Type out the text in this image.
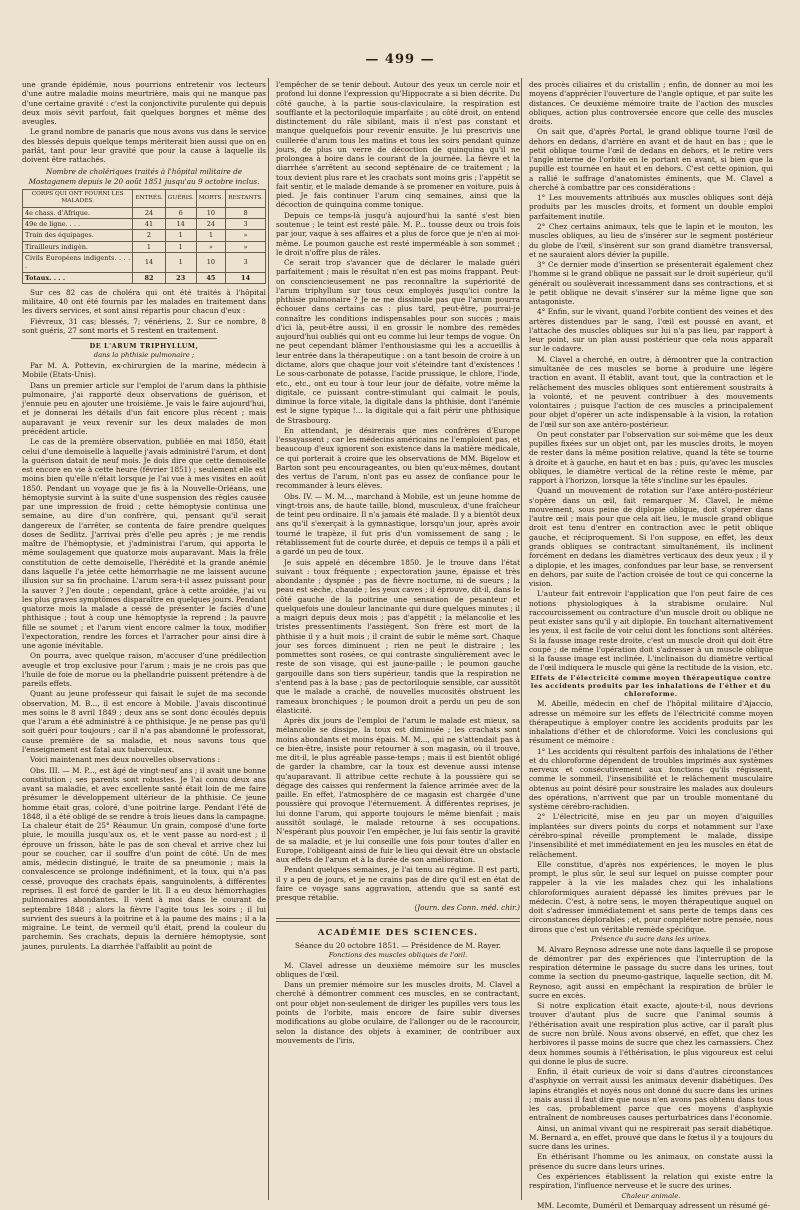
— 499 —

une grande épidémie, nous pourrions entretenir vos lecteurs d'une autre maladie moins meurtrière, mais qui ne manque pas d'une certaine gravité : c'est la conjonctivite purulente qui depuis deux mois sévit parfout, fait quelques borgnes et même des aveugles.

Le grand nombre de panaris que nous avons vus dans le service des blessés depuis quelque temps mériterait bien aussi que on en parlât, tant pour leur gravité que pour la cause à laquelle ils doivent être rattachés.

Nombre de cholériques traités à l'hôpital militaire de Mostaganem depuis le 20 août 1851 jusqu'au 9 octobre inclus.

CORPS QUI ONT FOURNI LES MALADES.	ENTRÉS.	GUÉRIS.	MORTS.	RESTANTS.
4e chass. d'Afrique.	24	6	10	8
49e de ligne. . . .	41	14	24	3
Train des équipages.	2	1	1	»
Tirailleurs indigèn.	1	1	»	»
Civils Européens indigents. . . . .	14	1	10	3
Totaux. . . .	82	23	45	14

Sur ces 82 cas de choléra qui ont été traités à l'hôpital militaire, 40 ont été fournis par les malades en traitement dans les divers services, et sont ainsi répartis pour chacun d'eux :

Fiévreux, 31 cas; blessés, 7; vénériens, 2. Sur ce nombre, 8 sont guéris, 27 sont morts et 5 restent en traitement.

DE L'ARUM TRIPHYLLUM,

dans la phthisie pulmonaire ;

Par M. A. Pottevin, ex-chirurgien de la marine, médecin à Mobile (Etats-Unis).

Dans un premier article sur l'emploi de l'arum dans la phthisie pulmonaire, j'ai rapporté deux observations de guérison, et j'ennuie peu en ajouter une troisième. Je vais le faire aujourd'hui, et je donnerai les détails d'un fait encore plus récent ; mais auparavant je veux revenir sur les deux malades de mon précédent article.

Le cas de la première observation, publiée en mai 1850, était celui d'une demoiselle à laquelle j'avais administré l'arum, et dont la guérison datait de neuf mois. Je dois dire que cette demoiselle est encore en vie à cette heure (février 1851) ; seulement elle est moins bien qu'elle n'était lorsque je l'ai vue à mes visites en août 1850. Pendant un voyage que je fis à la Nouvelle-Orléans, une hémoptysie survint à la suite d'une suspension des règles causée par une impression de froid ; cette hémoptysie continua une semaine, au dire d'un confrère, qui, pensant qu'il serait dangereux de l'arrêter, se contenta de faire prendre quelques doses de Sedlitz. J'arrivai près d'elle peu après ; je me rendis maître de l'hémoptysie, et j'administrai l'arum, qui apporta le même soulagement que quatorze mois auparavant. Mais la frêle constitution de cette demoiselle, l'hérédité et la grande anémie dans laquelle l'a jetée cette hémorrhagie ne me laissent aucune illusion sur sa fin prochaine. L'arum sera-t-il assez puissant pour la sauver ? J'en doute ; cependant, grâce à cette aroïdée, j'ai vu les plus graves symptômes disparaître en quelques jours. Pendant quatorze mois la malade a cessé de présenter le faciès d'une phthisique ; tout à coup une hémoptysie la reprend ; la pauvre fille se soumet ; et l'arum vient encore calmer la toux, modifier l'expectoration, rendre les forces et l'arracher pour ainsi dire à une agonie inévitable.

On pourra, avec quelque raison, m'accuser d'une prédilection aveugle et trop exclusive pour l'arum ; mais je ne crois pas que l'huile de foie de morue ou la phellandrie puissent prétendre à de pareils effets.

Quant au jeune professeur qui faisait le sujet de ma seconde observation, M. B..., il est encore à Mobile. J'avais discontinué mes soins le 8 avril 1849 ; deux ans se sont donc écoulés depuis que l'arum a été administré à ce phthisique. Je ne pense pas qu'il soit guéri pour toujours ; car il n'a pas abandonné le professorat, cause première de sa maladie, et nous savons tous que l'enseignement est fatal aux tuberculeux.

Voici maintenant mes deux nouvelles observations :

Obs. III. — M. P..., est âgé de vingt-neuf ans ; il avait une bonne constitution ; ses parents sont robustes. Je l'ai connu deux ans avant sa maladie, et avec excellente santé était loin de me faire présumer le développement ultérieur de la phthisie. Ce jeune homme était gras, coloré, d'une poitrine large. Pendant l'été de 1848, il a été obligé de se rendre à trois lieues dans la campagne. La chaleur était de 25° Réaumur. Un grain, composé d'une forte pluie, le mouilla jusqu'aux os, et le vent passe au nord-est ; il éprouve un frisson, hâte le pas de son cheval et arrive chez lui pour se coucher, car il souffre d'un point de côté. Un de mes amis, médecin distingué, le traite de sa pneumonie ; mais la convalescence se prolonge indéfiniment, et la toux, qui n'a pas cessé, provoque des crachats épais, sanguinolents, à différentes reprises. Il est forcé de garder le lit. Il a eu deux hémorrhagies pulmonaires abondantes. Il vient à moi dans le courant de septembre 1848 ; alors la fièvre l'agite tous les soirs ; il lui survient des sueurs à la poitrine et à la paume des mains ; il a la migraine. Le teint, de vermeil qu'il était, prend la couleur du parchemin. Ses crachats, depuis la dernière hémoptysie, sont jaunes, purulents. La diarrhée l'affaiblit au point de

l'empêcher de se tenir debout. Autour des yeux un cercle noir et profond lui donne l'expression qu'Hippocrate a si bien décrite. Du côté gauche, à la partie sous-claviculaire, la respiration est soufflante et la pectoriloquie imparfaite ; au côté droit, on entend distinctement du râle sibilant, mais il n'est pas constant et manque quelquefois pour revenir ensuite. Je lui prescrivis une cuillerée d'arum tous les matins et tous les soirs pendant quinze jours, de plus un verre de décoction de quinquina qu'il ne prolongea à boire dans le courant de la journée. La fièvre et la diarrhée s'arrêtent au second septénaire de ce traitement ; la toux devient plus rare et les crachats sont moins gris ; l'appétit se fait sentir, et le malade demande à se promener en voiture, puis à pied. Je fais continuer l'arum cinq semaines, ainsi que la décoction de quinquina comme tonique.

Depuis ce temps-là jusqu'à aujourd'hui la santé s'est bien soutenue ; le teint est resté pâle. M. P... tousse deux ou trois fois par jour, vaque à ses affaires et a plus de force que je n'en ai moi-même. Le poumon gauche est resté imperméable à son sommet ; le droit n'offre plus de râles.

Ce serait trop s'avancer que de déclarer le malade guéri parfaitement ; mais le résultat n'en est pas moins frappant. Peut-on consciencieusement ne pas reconnaître la supériorité de l'arum triphyllum sur tous ceux employés jusqu'ici contre la phthisie pulmonaire ? Je ne me dissimule pas que l'arum pourra échouer dans certains cas : plus tard, peut-être, pourrai-je connaître les conditions indispensables pour son succès ; mais d'ici là, peut-être aussi, il en grossir le nombre des remèdes aujourd'hui oubliés qui ont eu comme lui leur temps de vogue. On ne peut cependant blâmer l'enthousiasme qui les a accueillis à leur entrée dans la thérapeutique : on a tant besoin de croire à un dictame, alors que chaque jour voit s'éteindre tant d'existences ! Le sous-carbonate de potasse, l'acide prussique, le chlore, l'iode, etc., etc., ont eu tour à tour leur jour de défaite, votre même la digitale, ce puissant contre-stimulant qui calmait le pouls, diminue la force vitale, la digitale dans la phthisie, dont l'anémie est le signe typique !... la digitale qui a fait périr une phthisique de Strasbourg.

En attendant, je désirerais que mes confrères d'Europe l'essayassent ; car les médecins américains ne l'emploient pas, et beaucoup d'eux ignorent son existence dans la matière médicale, ce qui porterait à croire que les observations de MM. Bigelow et Barton sont peu encourageantes, ou bien qu'eux-mêmes, doutant des vertus de l'arum, n'ont pas eu assez de confiance pour le recommander à leurs élèves.

Obs. IV. — M. M..., marchand à Mobile, est un jeune homme de vingt-trois ans, de haute taille, blond, musculeux, d'une fraîcheur de teint peu ordinaire. Il n'a jamais été malade. Il y a bientôt deux ans qu'il s'exerçait à la gymnastique, lorsqu'un jour, après avoir tourné le trapèze, il fut pris d'un vomissement de sang ; le rétablissement fut de courte durée, et depuis ce temps il a pâli et a gardé un peu de toux.

Je suis appelé en décembre 1850. Je le trouve dans l'état suivant : toux fréquente ; expectoration jaune, épaisse et très abondante ; dyspnée ; pas de fièvre nocturne, ni de sueurs ; la peau est sèche, chaude ; les yeux caves ; il éprouve, dit-il, dans le côté gauche de la poitrine une sensation de pesanteur et quelquefois une douleur lancinante qui dure quelques minutes ; il a maigri depuis deux mois ; pas d'appétit ; la mélancolie et les tristes pressentiments l'assiègent. Son frère est mort de la phthisie il y a huit mois ; il craint de subir le même sort. Chaque jour ses forces diminuent ; rien ne peut le distraire ; les pommettes sont rosées, ce qui contraste singulièrement avec le reste de son visage, qui est jaune-paille ; le poumon gauche gargouille dans son tiers supérieur, tandis que la respiration ne s'entend pas à la base ; pas de pectoriloquie sensible, car aussitôt que le malade a craché, de nouvelles mucosités obstruent les rameaux bronchiques ; le poumon droit a perdu un peu de son élasticité.

Après dix jours de l'emploi de l'arum le malade est mieux, sa mélancolie se dissipe, la toux est diminuée ; les crachats sont moins abondants et moins épais. M. M..., qui ne s'attendait pas à ce bien-être, insiste pour retourner à son magasin, où il trouve, me dit-il, le plus agréable passe-temps ; mais il est bientôt obligé de garder la chambre, car la toux est devenue aussi intense qu'auparavant. Il attribue cette rechute à la poussière qui se dégage des caisses qui renferment la faïence arrimée avec de la paille. En effet, l'atmosphère de ce magasin est chargée d'une poussière qui provoque l'éternuement. À différentes reprises, je lui donne l'arum, qui apporte toujours le même bienfait ; mais aussitôt soulagé, le malade retourne à ses occupations. N'espérant plus pouvoir l'en empêcher, je lui fais sentir la gravité de sa maladie, et je lui conseille une fois pour toutes d'aller en Europe, l'obligeant ainsi de fuir le lieu qui devait être un obstacle aux effets de l'arum et à la durée de son amélioration.

Pendant quelques semaines, je l'ai tenu au régime. Il est parti, il y a peu de jours, et je ne crains pas de dire qu'il est en état de faire ce voyage sans aggravation, attendu que sa santé est presque rétablie.

(Journ. des Conn. méd. chir.)

ACADÉMIE DES SCIENCES.

Séance du 20 octobre 1851. — Présidence de M. Rayer.

Fonctions des muscles obliques de l'œil.

M. Clavel adresse un deuxième mémoire sur les muscles obliques de l'œil.

Dans un premier mémoire sur les muscles droits, M. Clavel a cherché à démontrer comment ces muscles, en se contractant, ont pour objet non-seulement de diriger les pupilles vers tous les points de l'orbite, mais encore de faire subir diverses modifications au globe oculaire, de l'allonger ou de le raccourcir, selon la distance des objets à examiner, de contribuer aux mouvements de l'iris,

des procès ciliaires et du cristallin ; enfin, de donner au moi les moyens d'apprécier l'ouverture de l'angle optique, et par suite les distances. Ce deuxième mémoire traite de l'action des muscles obliques, action plus controversée encore que celle des muscles droits.

On sait que, d'après Portal, le grand oblique tourne l'œil de dehors en dedans, d'arrière en avant et de haut en bas ; que le petit oblique tourne l'œil de dedans en dehors, et le retire vers l'angle interne de l'orbite en le portant en avant, si bien que la pupille est tournée en haut et en dehors. C'est cette opinion, qui a rallié le suffrage d'anatomistes éminents, que M. Clavel a cherché à combattre par ces considérations :

1° Les mouvements attribués aux muscles obliques sont déjà produits par les muscles droits, et forment un double emploi parfaitement inutile.

2° Chez certains animaux, tels que le lapin et le mouton, les muscles obliques, au lieu de s'insérer sur le segment postérieur du globe de l'œil, s'insèrent sur son grand diamètre transversal, et ne sauraient alors dévier la pupille.

3° Ce dernier mode d'insertion se présenterait également chez l'homme si le grand oblique ne passait sur le droit supérieur, qu'il généralt ou soulèverait incessamment dans ses contractions, et si le petit oblique ne devait s'insérer sur la même ligne que son antagoniste.

4° Enfin, sur le vivant, quand l'orbite contient des veines et des artères distendues par le sang, l'œil est poussé en avant, et l'attache des muscles obliques sur lui n'a pas lieu, par rapport à leur point, sur un plan aussi postérieur que cela nous apparaît sur le cadavre.

M. Clavel a cherché, en outre, à démontrer que la contraction simultanée de ces muscles se borne à produire une légère traction en avant. Il établit, avant tout, que la contraction et le relâchement des muscles obliques sont entièrement soustraits à la volonté, et ne peuvent contribuer à des mouvements volontaires ; puisque l'action de ces muscles a principalement pour objet d'opérer un acte indispensable à la vision, la rotation de l'œil sur son axe antéro-postérieur.

On peut constater par l'observation sur soi-même que les deux pupilles fixées sur un objet ont, par les muscles droits, le moyen de rester dans la même position relative, quand la tête se tourne à droite et à gauche, en haut et en bas ; puis, qu'avec les muscles obliques, le diamètre vertical de la rétine reste le même, par rapport à l'horizon, lorsque la tête s'incline sur les épaules.

Quand un mouvement de rotation sur l'axe antéro-postérieur s'opère dans un œil, fait remarquer M. Clavel, le même mouvement, sous peine de diplopie oblique, doit s'opérer dans l'autre œil ; mais pour que cela ait lieu, le muscle grand oblique droit est tenu d'entrer en contraction avec le petit oblique gauche, et réciproquement. Si l'on suppose, en effet, les deux grands obliques se contractant simultanément, ils inclinent forcément en dedans les diamètres verticaux des deux yeux ; il y a diplopie, et les images, confondues par leur base, se renversent en dehors, par suite de l'action croisée de tout ce qui concerne la vision.

L'auteur fait entrevoir l'application que l'on peut faire de ces notions physiologiques à la strabisme oculaire. Nul raccourcissement ou contracture d'un muscle droit ou oblique ne peut exister sans qu'il y ait diplopie. En touchant alternativement les yeux, il est facile de voir celui dont les fonctions sont altérées. Si la fausse image reste droite, c'est un muscle droit qui doit être coupé ; de même l'opération doit s'adresser à un muscle oblique si la fausse image est inclinée. L'inclinaison du diamètre vertical de l'œil indiquera le muscle qui gêne la rectitude de la vision, etc.

Effets de l'électricité comme moyen thérapeutique contre les accidents produits par les inhalations de l'éther et du chloroforme.

M. Abeille, médecin en chef de l'hôpital militaire d'Ajaccio, adresse un mémoire sur les effets de l'électricité comme moyen thérapeutique à employer contre les accidents produits par les inhalations d'éther et de chloroforme. Voici les conclusions qui résument ce mémoire :

1° Les accidents qui résultent parfois des inhalations de l'éther et du chloroforme dépendent de troubles imprimés aux systèmes nerveux et consécutivement aux fonctions qu'ils régissent, comme le sommeil, l'insensibilité et le relâchement musculaire obtenus au point désiré pour soustraire les malades aux douleurs des opérations, n'arrivent que par un trouble momentané du système cérébro-rachidien.

2° L'électricité, mise en jeu par un moyen d'aiguilles implantées sur divers points du corps et notamment sur l'axe cérébro-spinal réveille promptement le malade, dissipe l'insensibilité et met immédiatement en jeu les muscles en état de relâchement.

Elle constitue, d'après nos expériences, le moyen le plus prompt, le plus sûr, le seul sur lequel on puisse compter pour rappeler à la vie les malades chez qui les inhalations chloroformiques auraient dépassé les limites prévues par le médecin. C'est, à notre sens, le moyen thérapeutique auquel on doit s'adresser immédiatement et sans perte de temps dans ces circonstances déplorables ; et, pour compléter notre pensée, nous dirons que c'est un véritable remède spécifique.

Présence du sucre dans les urines.

M. Alvaro Reynoso adresse une note dans laquelle il se propose de démontrer par des expériences que l'interruption de la respiration détermine le passage du sucre dans les urines, tout comme la section du pneumo-gastrique, laquelle section, dit M. Reynoso, agit aussi en empêchant la respiration de brûler le sucre en excès.

Si notre explication était exacte, ajoute-t-il, nous devrions trouver d'autant plus de sucre que l'animal soumis à l'éthérisation avait une respiration plus active, car il paraît plus de sucre non brûlé. Nous avons observé, en effet, que chez les herbivores il passe moins de sucre que chez les carnassiers. Chez deux hommes soumis à l'éthérisation, le plus vigoureux est celui qui donne le plus de sucre.

Enfin, il était curieux de voir si dans d'autres circonstances d'asphyxie on verrait aussi les animaux devenir diabétiques. Des lapins étranglés et noyés nous ont donné du sucre dans les urines ; mais aussi il faut dire que nous n'en avons pas obtenu dans tous les cas, probablement parce que ces moyens d'asphyxie entraînent de nombreuses causes perturbatrices dans l'économie.

Ainsi, un animal vivant qui ne respirerait pas serait diabétique. M. Bernard a, en effet, prouvé que dans le fœtus il y a toujours du sucre dans les urines.

En éthérisant l'homme ou les animaux, on constate aussi la présence du sucre dans leurs urines.

Ces expériences établissent la relation qui existe entre la respiration, l'influence nerveuse et le sucre des urines.

Chaleur animale.

MM. Lecomte, Duméril et Demarquay adressent un résumé gé-
